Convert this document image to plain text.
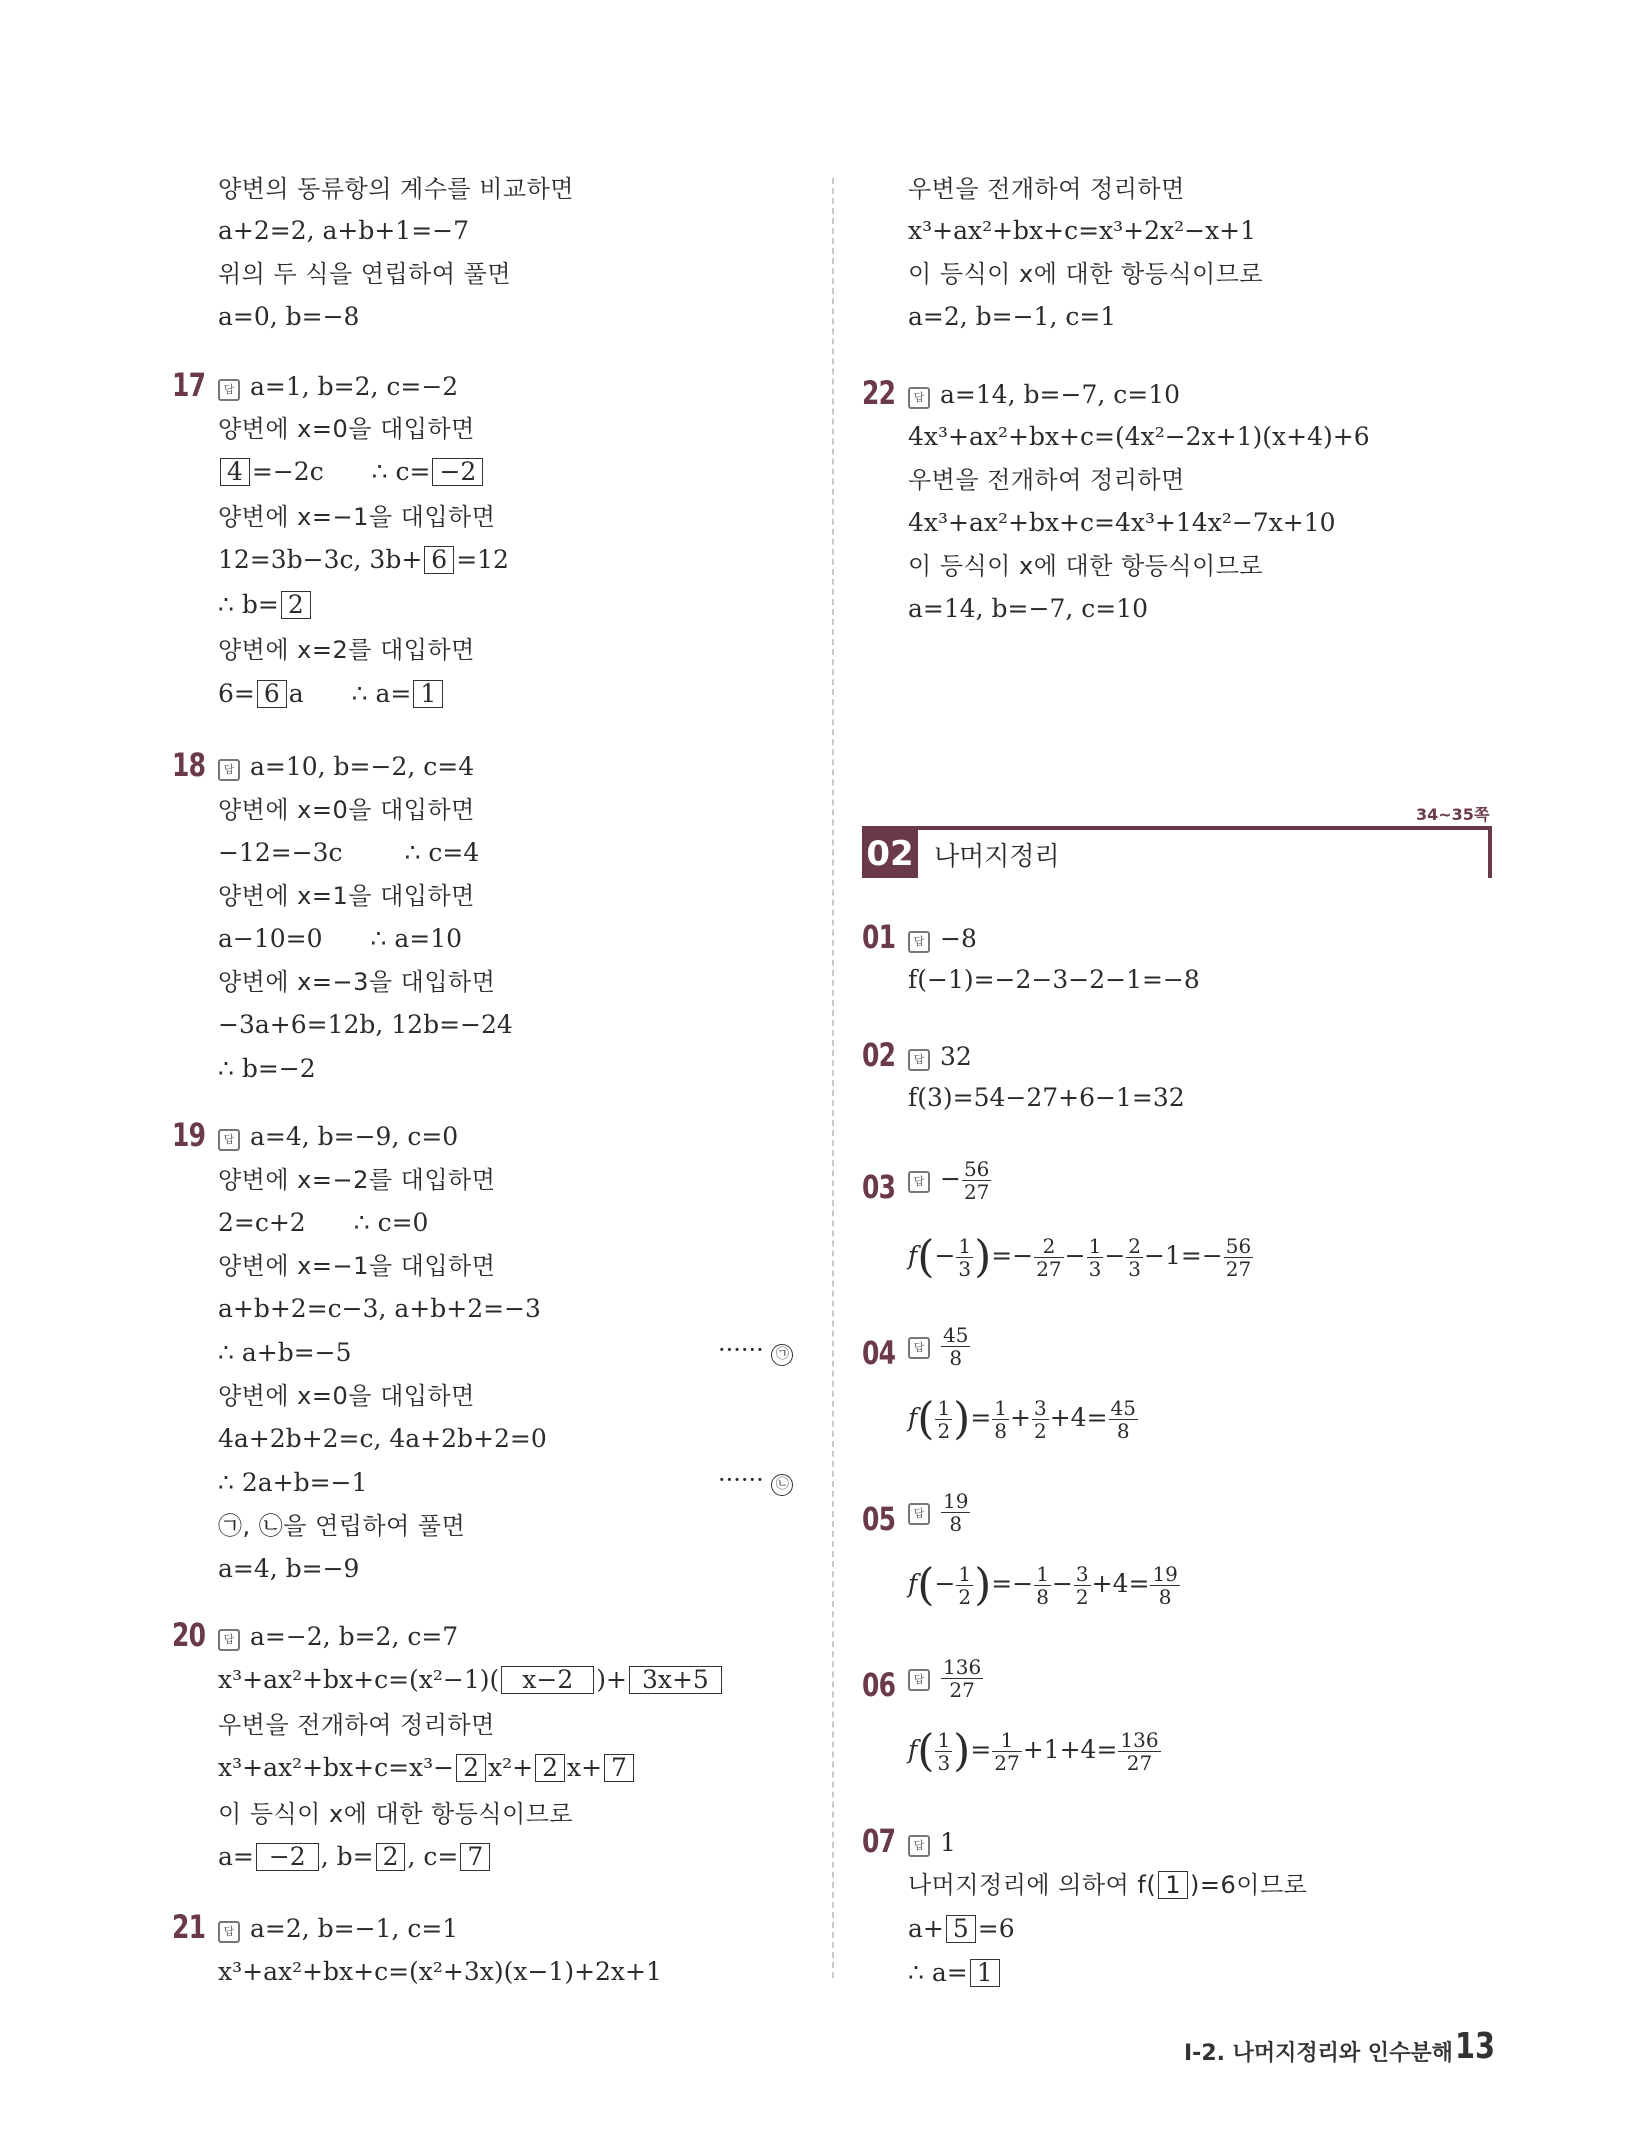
양변의 동류항의 계수를 비교하면
a+2=2, a+b+1=−7
위의 두 식을 연립하여 풀면
a=0, b=−8
17	답 a=1, b=2, c=−2
양변에 x=0을 대입하면
4 =−2c ∴ c= −2
양변에 x=−1을 대입하면
12=3b−3c, 3b+ 6 =12
∴ b= 2
양변에 x=2를 대입하면
6= 6 a ∴ a= 1
18	답 a=10, b=−2, c=4
양변에 x=0을 대입하면
−12=−3c ∴ c=4
양변에 x=1을 대입하면
a−10=0 ∴ a=10
양변에 x=−3을 대입하면
−3a+6=12b, 12b=−24
∴ b=−2
19	답 a=4, b=−9, c=0
양변에 x=−2를 대입하면
2=c+2 ∴ c=0
양변에 x=−1을 대입하면
a+b+2=c−3, a+b+2=−3
∴ a+b=−5	······ ㉠
양변에 x=0을 대입하면
4a+2b+2=c, 4a+2b+2=0
∴ 2a+b=−1	······ ㉡
㉠, ㉡을 연립하여 풀면
a=4, b=−9
20	답 a=−2, b=2, c=7
x³+ax²+bx+c=(x²−1)( x−2 )+ 3x+5
우변을 전개하여 정리하면
x³+ax²+bx+c=x³− 2 x²+ 2 x+ 7
이 등식이 x에 대한 항등식이므로
a= −2 , b= 2 , c= 7
21	답 a=2, b=−1, c=1
x³+ax²+bx+c=(x²+3x)(x−1)+2x+1
우변을 전개하여 정리하면
x³+ax²+bx+c=x³+2x²−x+1
이 등식이 x에 대한 항등식이므로
a=2, b=−1, c=1
22	답 a=14, b=−7, c=10
4x³+ax²+bx+c=(4x²−2x+1)(x+4)+6
우변을 전개하여 정리하면
4x³+ax²+bx+c=4x³+14x²−7x+10
이 등식이 x에 대한 항등식이므로
a=14, b=−7, c=10
34~35쪽
02 나머지정리
01	답 −8
f(−1)=−2−3−2−1=−8
02	답 32
f(3)=54−27+6−1=32
03	답 − $\frac{56}{27}$
$f(- \frac{1}{3}$ )=− $\frac{2}{27} - \frac{1}{3} - \frac{2}{3} -1=- \frac{56}{27}$
04	답 $\frac{45}{8}$
$f( \frac{1}{2}$ )= $\frac{1}{8} + \frac{3}{2} +4= \frac{45}{8}$
05	답 $\frac{19}{8}$
$f(- \frac{1}{2}$ )=− $\frac{1}{8} - \frac{3}{2} +4= \frac{19}{8}$
06	답 $\frac{136}{27}$
$f( \frac{1}{3}$ )= $\frac{1}{27} +1+4= \frac{136}{27}$
07	답 1
나머지정리에 의하여 f( 1 )=6이므로
a+ 5 =6
∴ a= 1
Ⅰ-2. 나머지정리와 인수분해 13
